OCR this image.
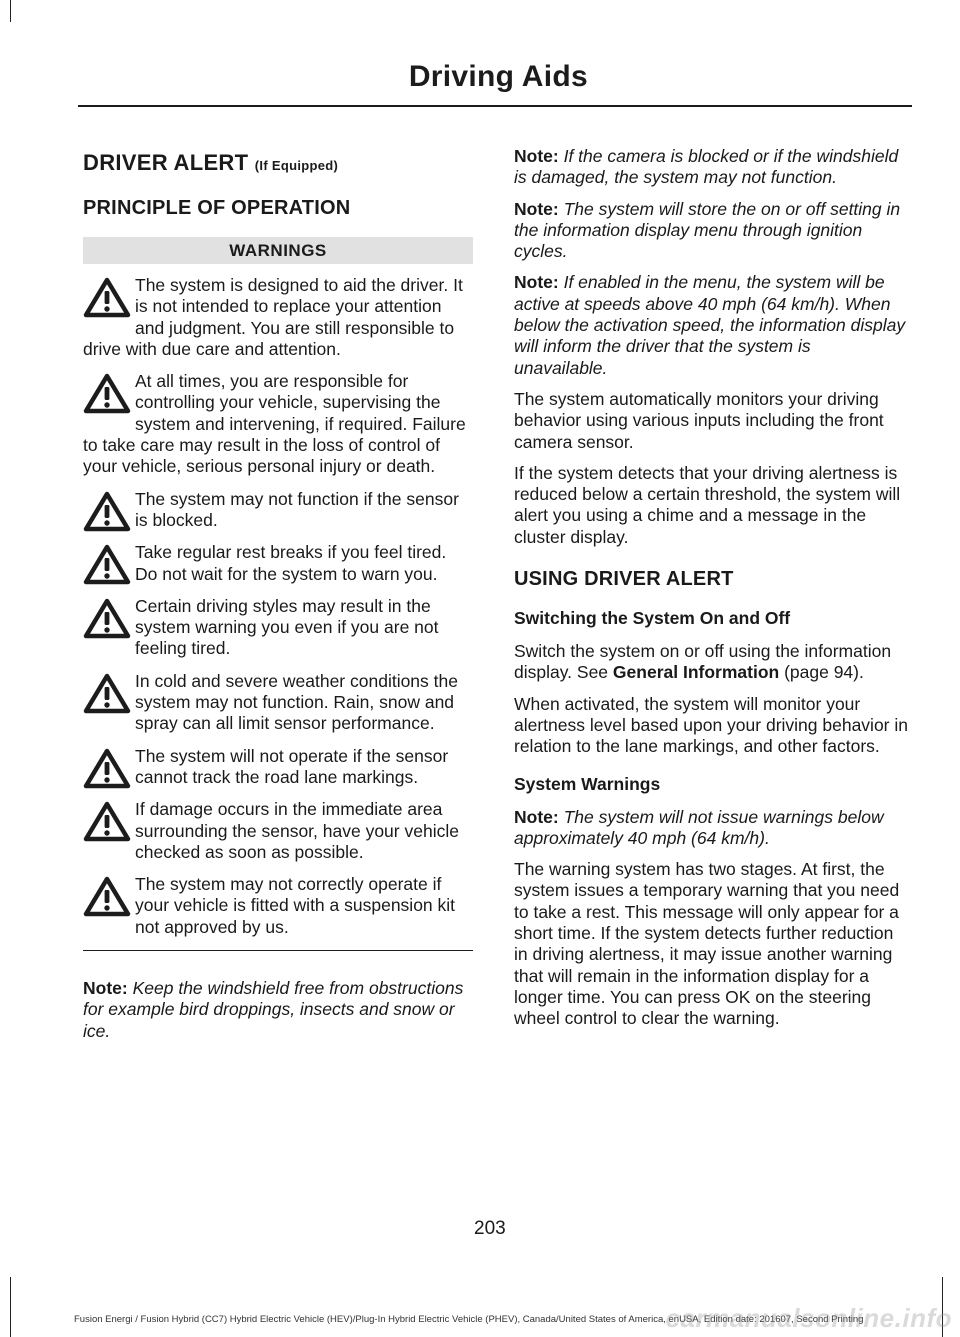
Driving Aids
DRIVER ALERT (If Equipped)
PRINCIPLE OF OPERATION
WARNINGS

The system is designed to aid the driver. It is not intended to replace your attention and judgment. You are still responsible to drive with due care and attention.

At all times, you are responsible for controlling your vehicle, supervising the system and intervening, if required. Failure to take care may result in the loss of control of your vehicle, serious personal injury or death.

The system may not function if the sensor is blocked.

Take regular rest breaks if you feel tired. Do not wait for the system to warn you.

Certain driving styles may result in the system warning you even if you are not feeling tired.

In cold and severe weather conditions the system may not function. Rain, snow and spray can all limit sensor performance.

The system will not operate if the sensor cannot track the road lane markings.

If damage occurs in the immediate area surrounding the sensor, have your vehicle checked as soon as possible.

The system may not correctly operate if your vehicle is fitted with a suspension kit not approved by us.

Note: Keep the windshield free from obstructions for example bird droppings, insects and snow or ice.

Note: If the camera is blocked or if the windshield is damaged, the system may not function.

Note: The system will store the on or off setting in the information display menu through ignition cycles.

Note: If enabled in the menu, the system will be active at speeds above 40 mph (64 km/h). When below the activation speed, the information display will inform the driver that the system is unavailable.

The system automatically monitors your driving behavior using various inputs including the front camera sensor.

If the system detects that your driving alertness is reduced below a certain threshold, the system will alert you using a chime and a message in the cluster display.

USING DRIVER ALERT
Switching the System On and Off

Switch the system on or off using the information display. See General Information (page 94).

When activated, the system will monitor your alertness level based upon your driving behavior in relation to the lane markings, and other factors.

System Warnings

Note: The system will not issue warnings below approximately 40 mph (64 km/h).

The warning system has two stages. At first, the system issues a temporary warning that you need to take a rest. This message will only appear for a short time. If the system detects further reduction in driving alertness, it may issue another warning that will remain in the information display for a longer time. You can press OK on the steering wheel control to clear the warning.

203
Fusion Energi / Fusion Hybrid (CC7) Hybrid Electric Vehicle (HEV)/Plug-In Hybrid Electric Vehicle (PHEV), Canada/United States of America, enUSA, Edition date: 201607, Second Printing
carmanualsonline.info
